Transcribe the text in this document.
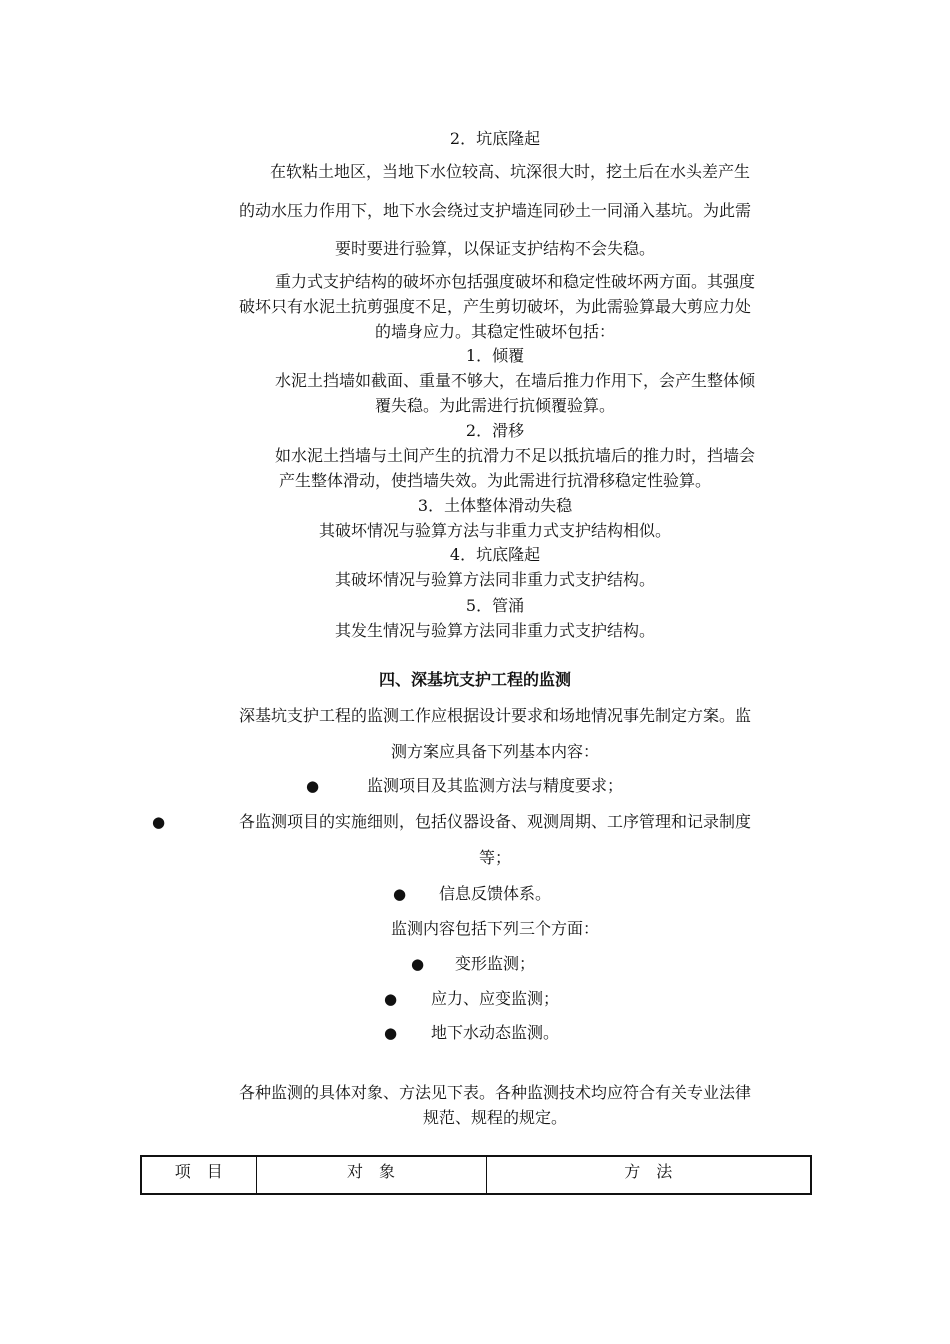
2．坑底隆起
在软粘土地区，当地下水位较高、坑深很大时，挖土后在水头差产生
的动水压力作用下，地下水会绕过支护墙连同砂土一同涌入基坑。为此需
要时要进行验算，以保证支护结构不会失稳。
重力式支护结构的破坏亦包括强度破坏和稳定性破坏两方面。其强度
破坏只有水泥土抗剪强度不足，产生剪切破坏，为此需验算最大剪应力处
的墙身应力。其稳定性破坏包括：
1．倾覆
水泥土挡墙如截面、重量不够大，在墙后推力作用下，会产生整体倾
覆失稳。为此需进行抗倾覆验算。
2．滑移
如水泥土挡墙与土间产生的抗滑力不足以抵抗墙后的推力时，挡墙会
产生整体滑动，使挡墙失效。为此需进行抗滑移稳定性验算。
3．土体整体滑动失稳
其破坏情况与验算方法与非重力式支护结构相似。
4．坑底隆起
其破坏情况与验算方法同非重力式支护结构。
5．管涌
其发生情况与验算方法同非重力式支护结构。
四、深基坑支护工程的监测
深基坑支护工程的监测工作应根据设计要求和场地情况事先制定方案。监
测方案应具备下列基本内容：
●	监测项目及其监测方法与精度要求；
●	各监测项目的实施细则，包括仪器设备、观测周期、工序管理和记录制度
等；
●	信息反馈体系。
监测内容包括下列三个方面：
●	变形监测；
●	应力、应变监测；
●	地下水动态监测。
各种监测的具体对象、方法见下表。各种监测技术均应符合有关专业法律
规范、规程的规定。
项　目	对　象	方　法
